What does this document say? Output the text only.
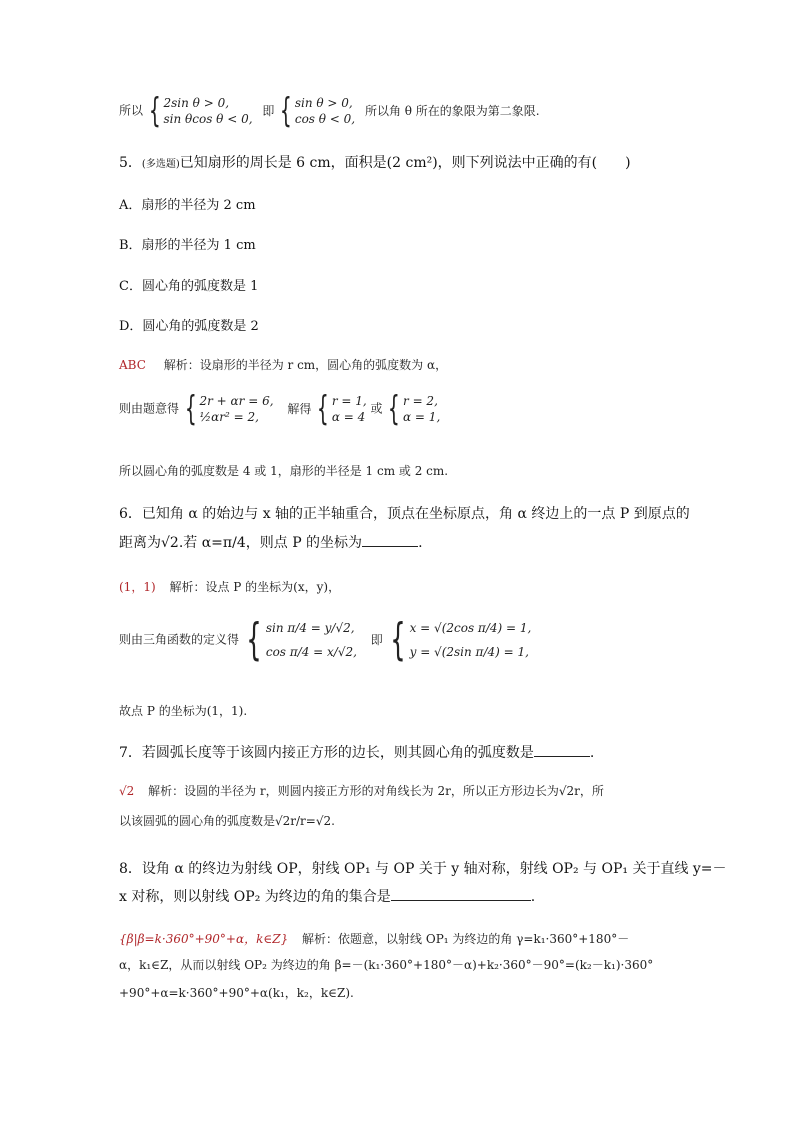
所以 { 2sin θ > 0,
sin θcos θ < 0,
即 { sin θ > 0,
cos θ < 0,
所以角 θ 所在的象限为第二象限.
5．(多选题)已知扇形的周长是 6 cm，面积是(2 cm²)，则下列说法中正确的有(　　)
A．扇形的半径为 2 cm
B．扇形的半径为 1 cm
C．圆心角的弧度数是 1
D．圆心角的弧度数是 2
ABC 解析：设扇形的半径为 r cm，圆心角的弧度数为 α，
则由题意得 { 2r + αr = 6,
½αr² = 2,
解得 { r = 1,
α = 4
或 { r = 2,
α = 1,
所以圆心角的弧度数是 4 或 1，扇形的半径是 1 cm 或 2 cm.
6．已知角 α 的始边与 x 轴的正半轴重合，顶点在坐标原点，角 α 终边上的一点 P 到原点的
距离为√2.若 α=π/4，则点 P 的坐标为	.
(1，1) 解析：设点 P 的坐标为(x，y)，
则由三角函数的定义得 { sin π/4 = y/√2,
cos π/4 = x/√2,
即 { x = √(2cos π/4) = 1,
y = √(2sin π/4) = 1,
故点 P 的坐标为(1，1).
7．若圆弧长度等于该圆内接正方形的边长，则其圆心角的弧度数是	.
√2 解析：设圆的半径为 r，则圆内接正方形的对角线长为 2r，所以正方形边长为√2r，所
以该圆弧的圆心角的弧度数是√2r/r=√2.
8．设角 α 的终边为射线 OP，射线 OP₁ 与 OP 关于 y 轴对称，射线 OP₂ 与 OP₁ 关于直线 y=－
x 对称，则以射线 OP₂ 为终边的角的集合是	.
{β|β=k·360°+90°+α，k∈Z} 解析：依题意，以射线 OP₁ 为终边的角 γ=k₁·360°+180°－
α，k₁∈Z，从而以射线 OP₂ 为终边的角 β=－(k₁·360°+180°－α)+k₂·360°－90°=(k₂－k₁)·360°
+90°+α=k·360°+90°+α(k₁，k₂，k∈Z).
